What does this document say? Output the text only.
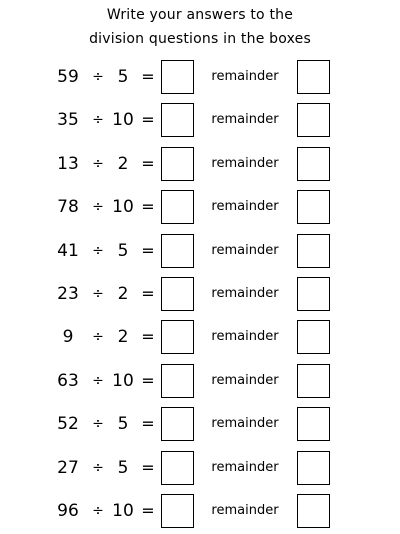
Write your answers to the
division questions in the boxes
59 ÷ 5 =	remainder
35 ÷ 10 =	remainder
13 ÷ 2 =	remainder
78 ÷ 10 =	remainder
41 ÷ 5 =	remainder
23 ÷ 2 =	remainder
9	÷ 2 =	remainder
63 ÷ 10 =	remainder
52 ÷ 5 =	remainder
27 ÷ 5 =	remainder
96 ÷ 10 =	remainder
